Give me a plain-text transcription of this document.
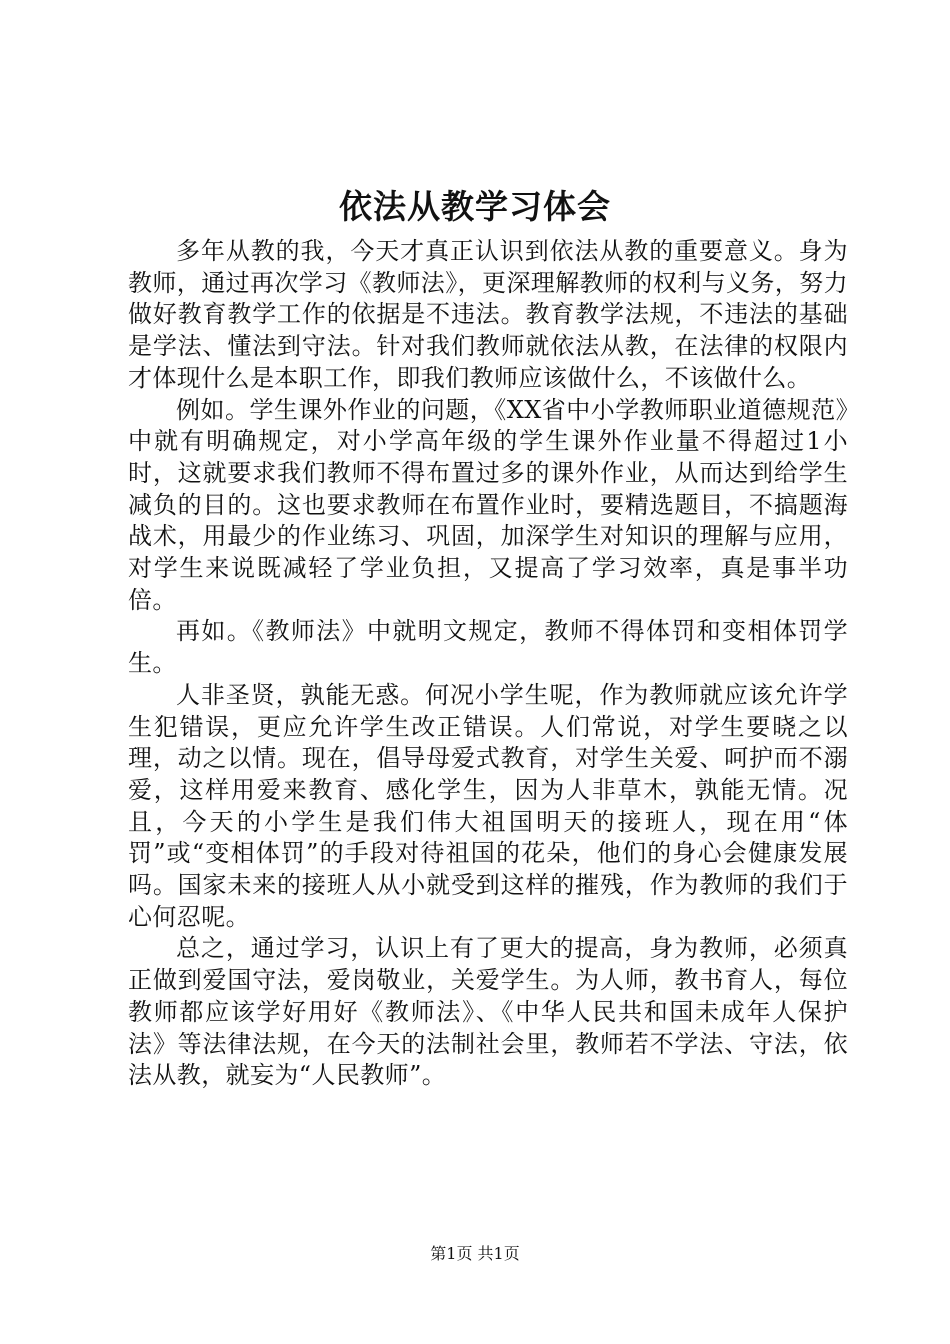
依法从教学习体会

多年从教的我，今天才真正认识到依法从教的重要意义。身为教师，通过再次学习《教师法》，更深理解教师的权利与义务，努力做好教育教学工作的依据是不违法。教育教学法规，不违法的基础是学法、懂法到守法。针对我们教师就依法从教，在法律的权限内才体现什么是本职工作，即我们教师应该做什么，不该做什么。

例如。学生课外作业的问题，《XX省中小学教师职业道德规范》中就有明确规定，对小学高年级的学生课外作业量不得超过1小时，这就要求我们教师不得布置过多的课外作业，从而达到给学生减负的目的。这也要求教师在布置作业时，要精选题目，不搞题海战术，用最少的作业练习、巩固，加深学生对知识的理解与应用，对学生来说既减轻了学业负担，又提高了学习效率，真是事半功倍。

再如。《教师法》中就明文规定，教师不得体罚和变相体罚学生。

人非圣贤，孰能无惑。何况小学生呢，作为教师就应该允许学生犯错误，更应允许学生改正错误。人们常说，对学生要晓之以理，动之以情。现在，倡导母爱式教育，对学生关爱、呵护而不溺爱，这样用爱来教育、感化学生，因为人非草木，孰能无情。况且，今天的小学生是我们伟大祖国明天的接班人，现在用“体罚”或“变相体罚”的手段对待祖国的花朵，他们的身心会健康发展吗。国家未来的接班人从小就受到这样的摧残，作为教师的我们于心何忍呢。

总之，通过学习，认识上有了更大的提高，身为教师，必须真正做到爱国守法，爱岗敬业，关爱学生。为人师，教书育人，每位教师都应该学好用好《教师法》、《中华人民共和国未成年人保护法》等法律法规，在今天的法制社会里，教师若不学法、守法，依法从教，就妄为“人民教师”。

第1页 共1页
